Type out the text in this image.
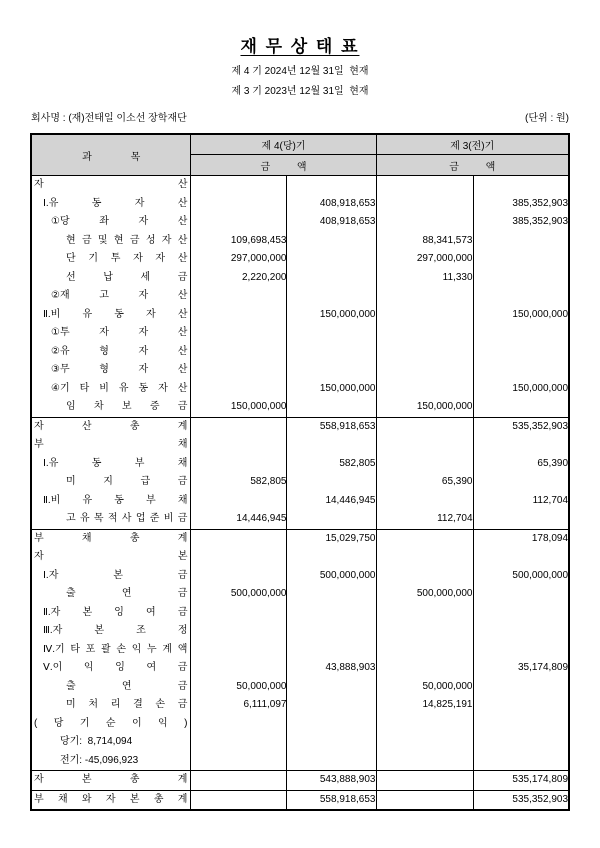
재 무 상 태 표
제 4 기 2024년 12월 31일  현재
제 3 기 2023년 12월 31일  현재
회사명 : (재)전태일 이소선 장학재단	(단위 : 원)
과 목	제 4(당)기		제 3(전)기	
	금 액		금 액	

자 산				

Ⅰ.유 동 자 산		408,918,653		385,352,903

①당 좌 자 산		408,918,653		385,352,903

현 금 및 현 금 성 자 산	109,698,453		88,341,573	

단 기 투 자 자 산	297,000,000		297,000,000	

선 납 세 금	2,220,200		11,330	

②재 고 자 산				

Ⅱ.비 유 동 자 산		150,000,000		150,000,000

①투 자 자 산				

②유 형 자 산				

③무 형 자 산				

④기 타 비 유 동 자 산		150,000,000		150,000,000

임 차 보 증 금	150,000,000		150,000,000	

자 산 총 계		558,918,653		535,352,903

부 채				

Ⅰ.유 동 부 채		582,805		65,390

미 지 급 금	582,805		65,390	

Ⅱ.비 유 동 부 채		14,446,945		112,704

고 유 목 적 사 업 준 비 금	14,446,945		112,704	

부 채 총 계		15,029,750		178,094

자 본				

Ⅰ.자 본 금		500,000,000		500,000,000

출 연 금	500,000,000		500,000,000	

Ⅱ.자 본 잉 여 금				

Ⅲ.자 본 조 정				

Ⅳ.기 타 포 괄 손 익 누 계 액

Ⅴ.이 익 잉 여 금		43,888,903		35,174,809

출 연 금	50,000,000		50,000,000	

미 처 리 결 손 금	6,111,097		14,825,191	

( 당 기 순 이 익 )

당기:  8,714,094				

전기: -45,096,923				

자 본 총 계		543,888,903		535,174,809

부 채 와 자 본 총 계		558,918,653		535,352,903
